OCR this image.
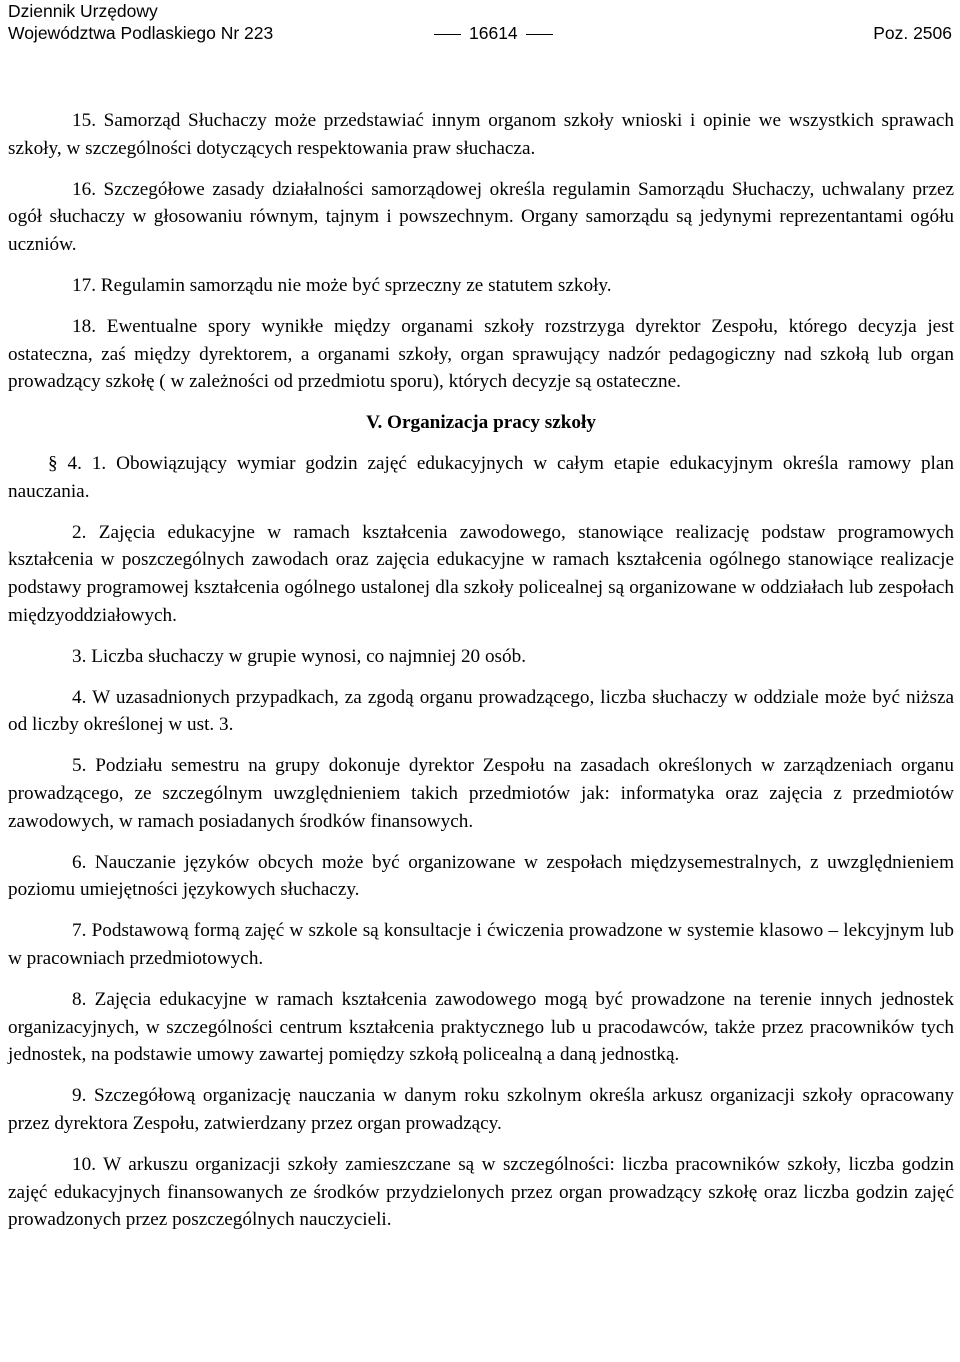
Dziennik Urzędowy
Województwa Podlaskiego Nr 223	16614	Poz. 2506

15. Samorząd Słuchaczy może przedstawiać innym organom szkoły wnioski i opinie we wszystkich sprawach szkoły, w szczególności dotyczących respektowania praw słuchacza.

16. Szczegółowe zasady działalności samorządowej określa regulamin Samorządu Słuchaczy, uchwalany przez ogół słuchaczy w głosowaniu równym, tajnym i powszechnym. Organy samorządu są jedynymi reprezentantami ogółu uczniów.

17. Regulamin samorządu nie może być sprzeczny ze statutem szkoły.

18. Ewentualne spory wynikłe między organami szkoły rozstrzyga dyrektor Zespołu, którego decyzja jest ostateczna, zaś między dyrektorem, a organami szkoły, organ sprawujący nadzór pedagogiczny nad szkołą lub organ prowadzący szkołę ( w zależności od przedmiotu sporu), których decyzje są ostateczne.

V. Organizacja pracy szkoły

§ 4. 1. Obowiązujący wymiar godzin zajęć edukacyjnych w całym etapie edukacyjnym określa ramowy plan nauczania.

2. Zajęcia edukacyjne w ramach kształcenia zawodowego, stanowiące realizację podstaw programowych kształcenia w poszczególnych zawodach oraz zajęcia edukacyjne w ramach kształcenia ogólnego stanowiące realizacje podstawy programowej kształcenia ogólnego ustalonej dla szkoły policealnej są organizowane w oddziałach lub zespołach międzyoddziałowych.

3. Liczba słuchaczy w grupie wynosi, co najmniej 20 osób.

4. W uzasadnionych przypadkach, za zgodą organu prowadzącego, liczba słuchaczy w oddziale może być niższa od liczby określonej w ust. 3.

5. Podziału semestru na grupy dokonuje dyrektor Zespołu na zasadach określonych w zarządzeniach organu prowadzącego, ze szczególnym uwzględnieniem takich przedmiotów jak: informatyka oraz zajęcia z przedmiotów zawodowych, w ramach posiadanych środków finansowych.

6. Nauczanie języków obcych może być organizowane w zespołach międzysemestralnych, z uwzględnieniem poziomu umiejętności językowych słuchaczy.

7. Podstawową formą zajęć w szkole są konsultacje i ćwiczenia prowadzone w systemie klasowo – lekcyjnym lub w pracowniach przedmiotowych.

8. Zajęcia edukacyjne w ramach kształcenia zawodowego mogą być prowadzone na terenie innych jednostek organizacyjnych, w szczególności centrum kształcenia praktycznego lub u pracodawców, także przez pracowników tych jednostek, na podstawie umowy zawartej pomiędzy szkołą policealną a daną jednostką.

9. Szczegółową organizację nauczania w danym roku szkolnym określa arkusz organizacji szkoły opracowany przez dyrektora Zespołu, zatwierdzany przez organ prowadzący.

10. W arkuszu organizacji szkoły zamieszczane są w szczególności: liczba pracowników szkoły, liczba godzin zajęć edukacyjnych finansowanych ze środków przydzielonych przez organ prowadzący szkołę oraz liczba godzin zajęć prowadzonych przez poszczególnych nauczycieli.
